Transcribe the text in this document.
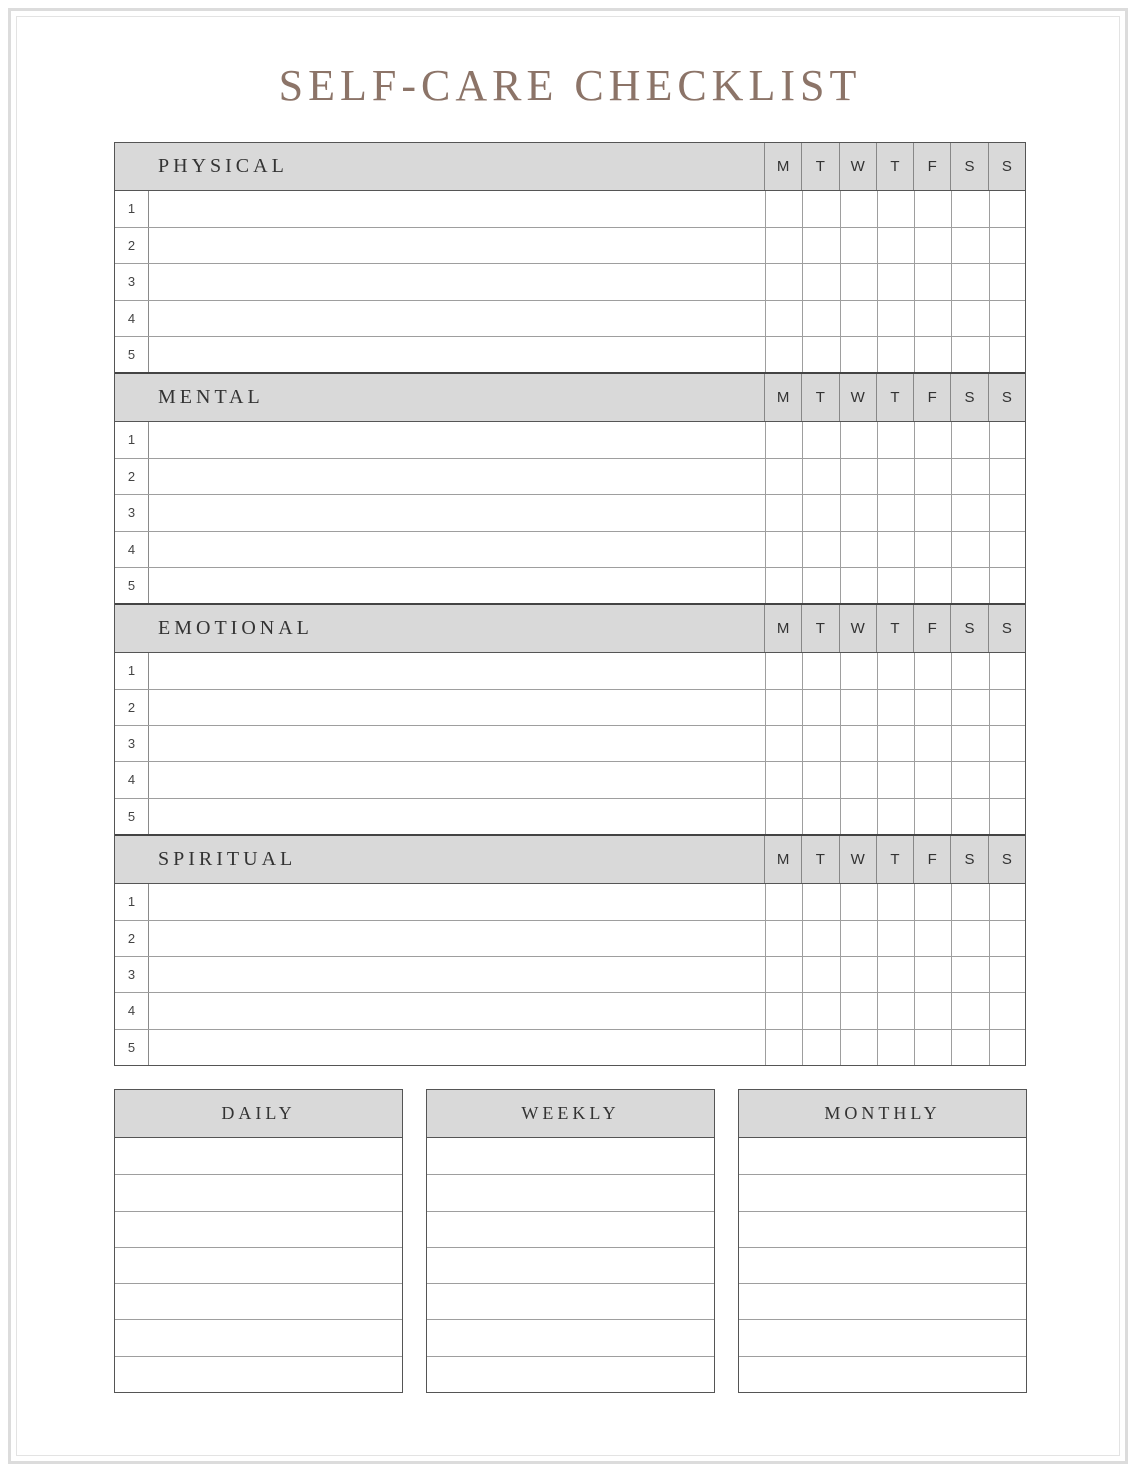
SELF-CARE CHECKLIST
PHYSICAL	M	T	W	T	F	S	S
1
2
3
4
5
MENTAL	M	T	W	T	F	S	S
1
2
3
4
5
EMOTIONAL	M	T	W	T	F	S	S
1
2
3
4
5
SPIRITUAL	M	T	W	T	F	S	S
1
2
3
4
5
DAILY	WEEKLY	MONTHLY
